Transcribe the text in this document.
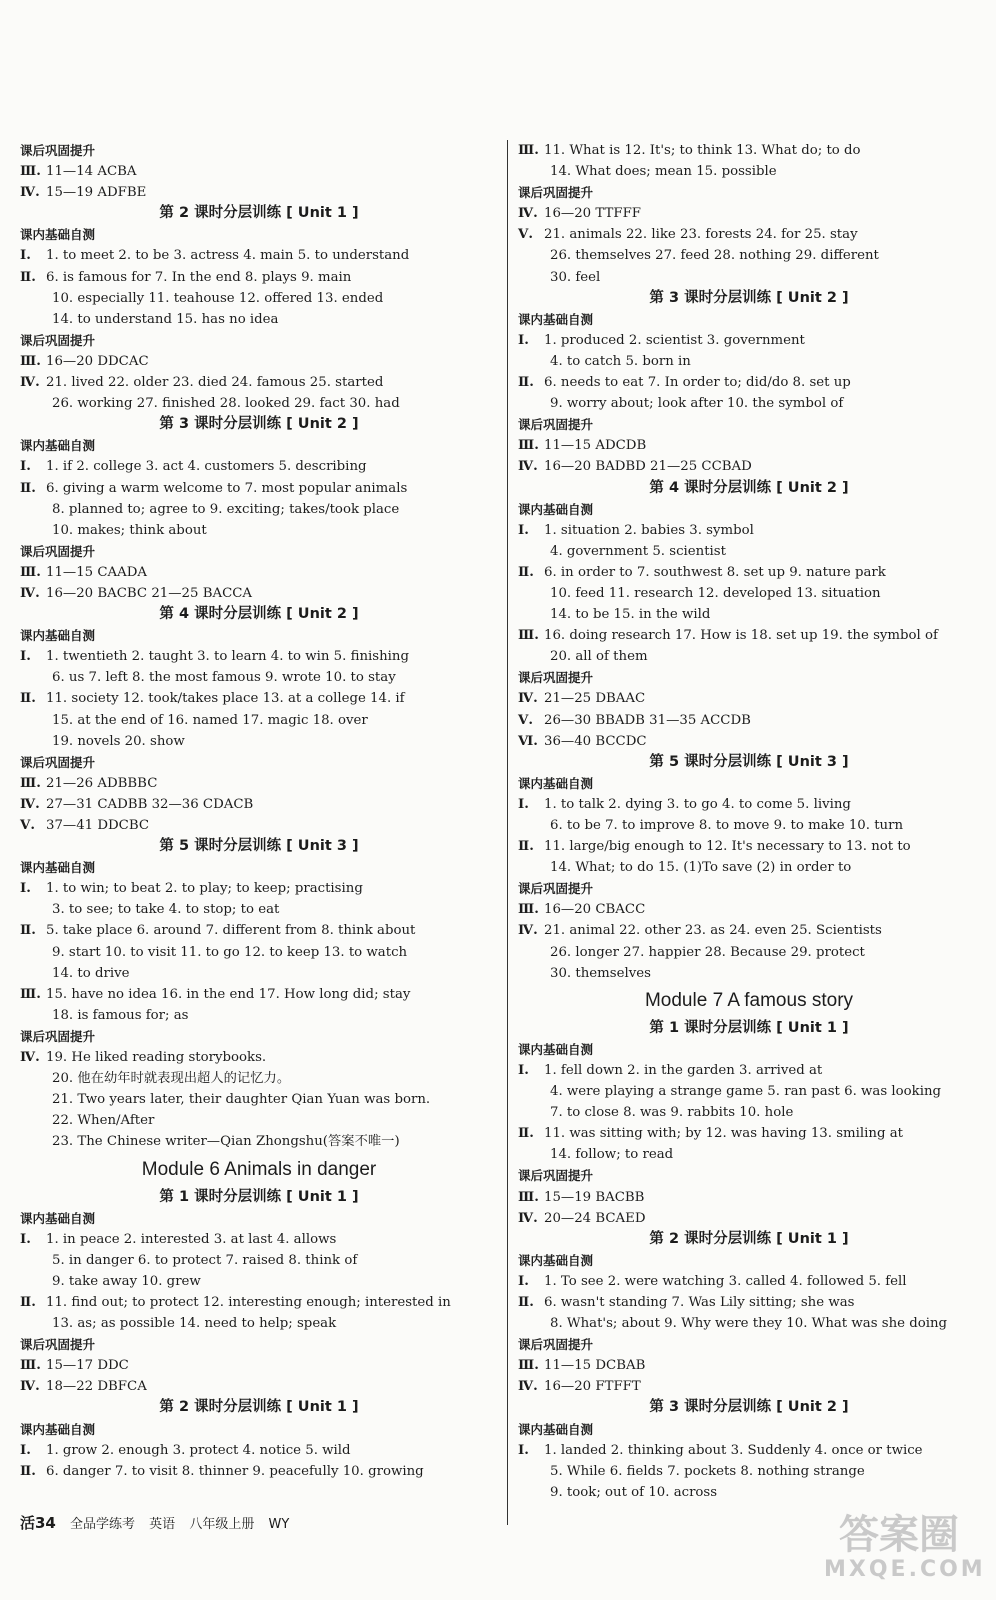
课后巩固提升
Ⅲ. 11—14 ACBA
Ⅳ. 15—19 ADFBE
第 2 课时分层训练 [ Unit 1 ]
课内基础自测
Ⅰ. 1. to meet 2. to be 3. actress 4. main 5. to understand
Ⅱ. 6. is famous for 7. In the end 8. plays 9. main
10. especially 11. teahouse 12. offered 13. ended
14. to understand 15. has no idea
课后巩固提升
Ⅲ. 16—20 DDCAC
Ⅳ. 21. lived 22. older 23. died 24. famous 25. started
26. working 27. finished 28. looked 29. fact 30. had
第 3 课时分层训练 [ Unit 2 ]
课内基础自测
Ⅰ. 1. if 2. college 3. act 4. customers 5. describing
Ⅱ. 6. giving a warm welcome to 7. most popular animals
8. planned to; agree to 9. exciting; takes/took place
10. makes; think about
课后巩固提升
Ⅲ. 11—15 CAADA
Ⅳ. 16—20 BACBC 21—25 BACCA
第 4 课时分层训练 [ Unit 2 ]
课内基础自测
Ⅰ. 1. twentieth 2. taught 3. to learn 4. to win 5. finishing
6. us 7. left 8. the most famous 9. wrote 10. to stay
Ⅱ. 11. society 12. took/takes place 13. at a college 14. if
15. at the end of 16. named 17. magic 18. over
19. novels 20. show
课后巩固提升
Ⅲ. 21—26 ADBBBC
Ⅳ. 27—31 CADBB 32—36 CDACB
Ⅴ. 37—41 DDCBC
第 5 课时分层训练 [ Unit 3 ]
课内基础自测
Ⅰ. 1. to win; to beat 2. to play; to keep; practising
3. to see; to take 4. to stop; to eat
Ⅱ. 5. take place 6. around 7. different from 8. think about
9. start 10. to visit 11. to go 12. to keep 13. to watch
14. to drive
Ⅲ. 15. have no idea 16. in the end 17. How long did; stay
18. is famous for; as
课后巩固提升
Ⅳ. 19. He liked reading storybooks.
20. 他在幼年时就表现出超人的记忆力。
21. Two years later, their daughter Qian Yuan was born.
22. When/After
23. The Chinese writer—Qian Zhongshu(答案不唯一)
Module 6 Animals in danger
第 1 课时分层训练 [ Unit 1 ]
课内基础自测
Ⅰ. 1. in peace 2. interested 3. at last 4. allows
5. in danger 6. to protect 7. raised 8. think of
9. take away 10. grew
Ⅱ. 11. find out; to protect 12. interesting enough; interested in
13. as; as possible 14. need to help; speak
课后巩固提升
Ⅲ. 15—17 DDC
Ⅳ. 18—22 DBFCA
第 2 课时分层训练 [ Unit 1 ]
课内基础自测
Ⅰ. 1. grow 2. enough 3. protect 4. notice 5. wild
Ⅱ. 6. danger 7. to visit 8. thinner 9. peacefully 10. growing
Ⅲ. 11. What is 12. It's; to think 13. What do; to do
14. What does; mean 15. possible
课后巩固提升
Ⅳ. 16—20 TTFFF
Ⅴ. 21. animals 22. like 23. forests 24. for 25. stay
26. themselves 27. feed 28. nothing 29. different
30. feel
第 3 课时分层训练 [ Unit 2 ]
课内基础自测
Ⅰ. 1. produced 2. scientist 3. government
4. to catch 5. born in
Ⅱ. 6. needs to eat 7. In order to; did/do 8. set up
9. worry about; look after 10. the symbol of
课后巩固提升
Ⅲ. 11—15 ADCDB
Ⅳ. 16—20 BADBD 21—25 CCBAD
第 4 课时分层训练 [ Unit 2 ]
课内基础自测
Ⅰ. 1. situation 2. babies 3. symbol
4. government 5. scientist
Ⅱ. 6. in order to 7. southwest 8. set up 9. nature park
10. feed 11. research 12. developed 13. situation
14. to be 15. in the wild
Ⅲ. 16. doing research 17. How is 18. set up 19. the symbol of
20. all of them
课后巩固提升
Ⅳ. 21—25 DBAAC
Ⅴ. 26—30 BBADB 31—35 ACCDB
Ⅵ. 36—40 BCCDC
第 5 课时分层训练 [ Unit 3 ]
课内基础自测
Ⅰ. 1. to talk 2. dying 3. to go 4. to come 5. living
6. to be 7. to improve 8. to move 9. to make 10. turn
Ⅱ. 11. large/big enough to 12. It's necessary to 13. not to
14. What; to do 15. (1)To save (2) in order to
课后巩固提升
Ⅲ. 16—20 CBACC
Ⅳ. 21. animal 22. other 23. as 24. even 25. Scientists
26. longer 27. happier 28. Because 29. protect
30. themselves
Module 7 A famous story
第 1 课时分层训练 [ Unit 1 ]
课内基础自测
Ⅰ. 1. fell down 2. in the garden 3. arrived at
4. were playing a strange game 5. ran past 6. was looking
7. to close 8. was 9. rabbits 10. hole
Ⅱ. 11. was sitting with; by 12. was having 13. smiling at
14. follow; to read
课后巩固提升
Ⅲ. 15—19 BACBB
Ⅳ. 20—24 BCAED
第 2 课时分层训练 [ Unit 1 ]
课内基础自测
Ⅰ. 1. To see 2. were watching 3. called 4. followed 5. fell
Ⅱ. 6. wasn't standing 7. Was Lily sitting; she was
8. What's; about 9. Why were they 10. What was she doing
课后巩固提升
Ⅲ. 11—15 DCBAB
Ⅳ. 16—20 FTFFT
第 3 课时分层训练 [ Unit 2 ]
课内基础自测
Ⅰ. 1. landed 2. thinking about 3. Suddenly 4. once or twice
5. While 6. fields 7. pockets 8. nothing strange
9. took; out of 10. across
活34 全品学练考 英语 八年级上册 WY	答案圈
MXQE.COM
